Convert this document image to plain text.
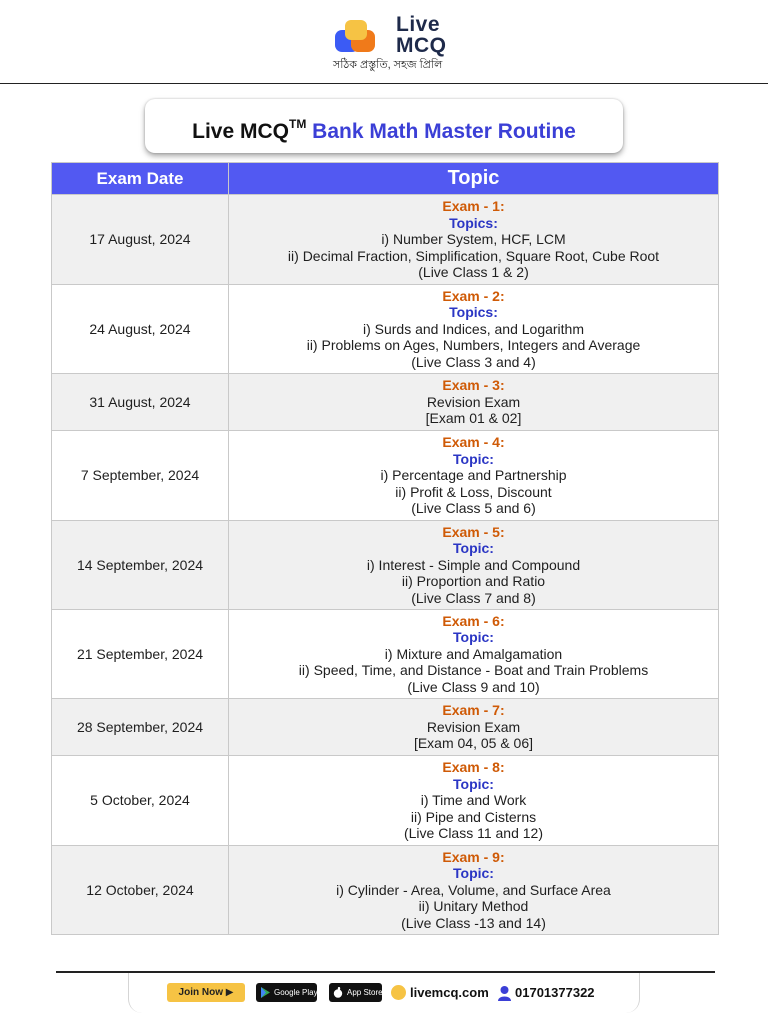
Live
MCQ
সঠিক প্রস্তুতি, সহজ প্রিলি
Live MCQ™ Bank Math Master Routine
Exam Date	Topic
17 August, 2024	Exam - 1:
Topics:
i) Number System, HCF, LCM
ii) Decimal Fraction, Simplification, Square Root, Cube Root
(Live Class 1 & 2)

24 August, 2024	Exam - 2:
Topics:
i) Surds and Indices, and Logarithm
ii) Problems on Ages, Numbers, Integers and Average
(Live Class 3 and 4)

31 August, 2024	Exam - 3:
Revision Exam
[Exam 01 & 02]

7 September, 2024	Exam - 4:
Topic:
i) Percentage and Partnership
ii) Profit & Loss, Discount
(Live Class 5 and 6)

14 September, 2024	Exam - 5:
Topic:
i) Interest - Simple and Compound
ii) Proportion and Ratio
(Live Class 7 and 8)

21 September, 2024	Exam - 6:
Topic:
i) Mixture and Amalgamation
ii) Speed, Time, and Distance - Boat and Train Problems
(Live Class 9 and 10)

28 September, 2024	Exam - 7:
Revision Exam
[Exam 04, 05 & 06]

5 October, 2024	Exam - 8:
Topic:
i) Time and Work
ii) Pipe and Cisterns
(Live Class 11 and 12)

12 October, 2024	Exam - 9:
Topic:
i) Cylinder - Area, Volume, and Surface Area
ii) Unitary Method
(Live Class -13 and 14)
Join Now ▶	Google Play	App Store	livemcq.com	01701377322
